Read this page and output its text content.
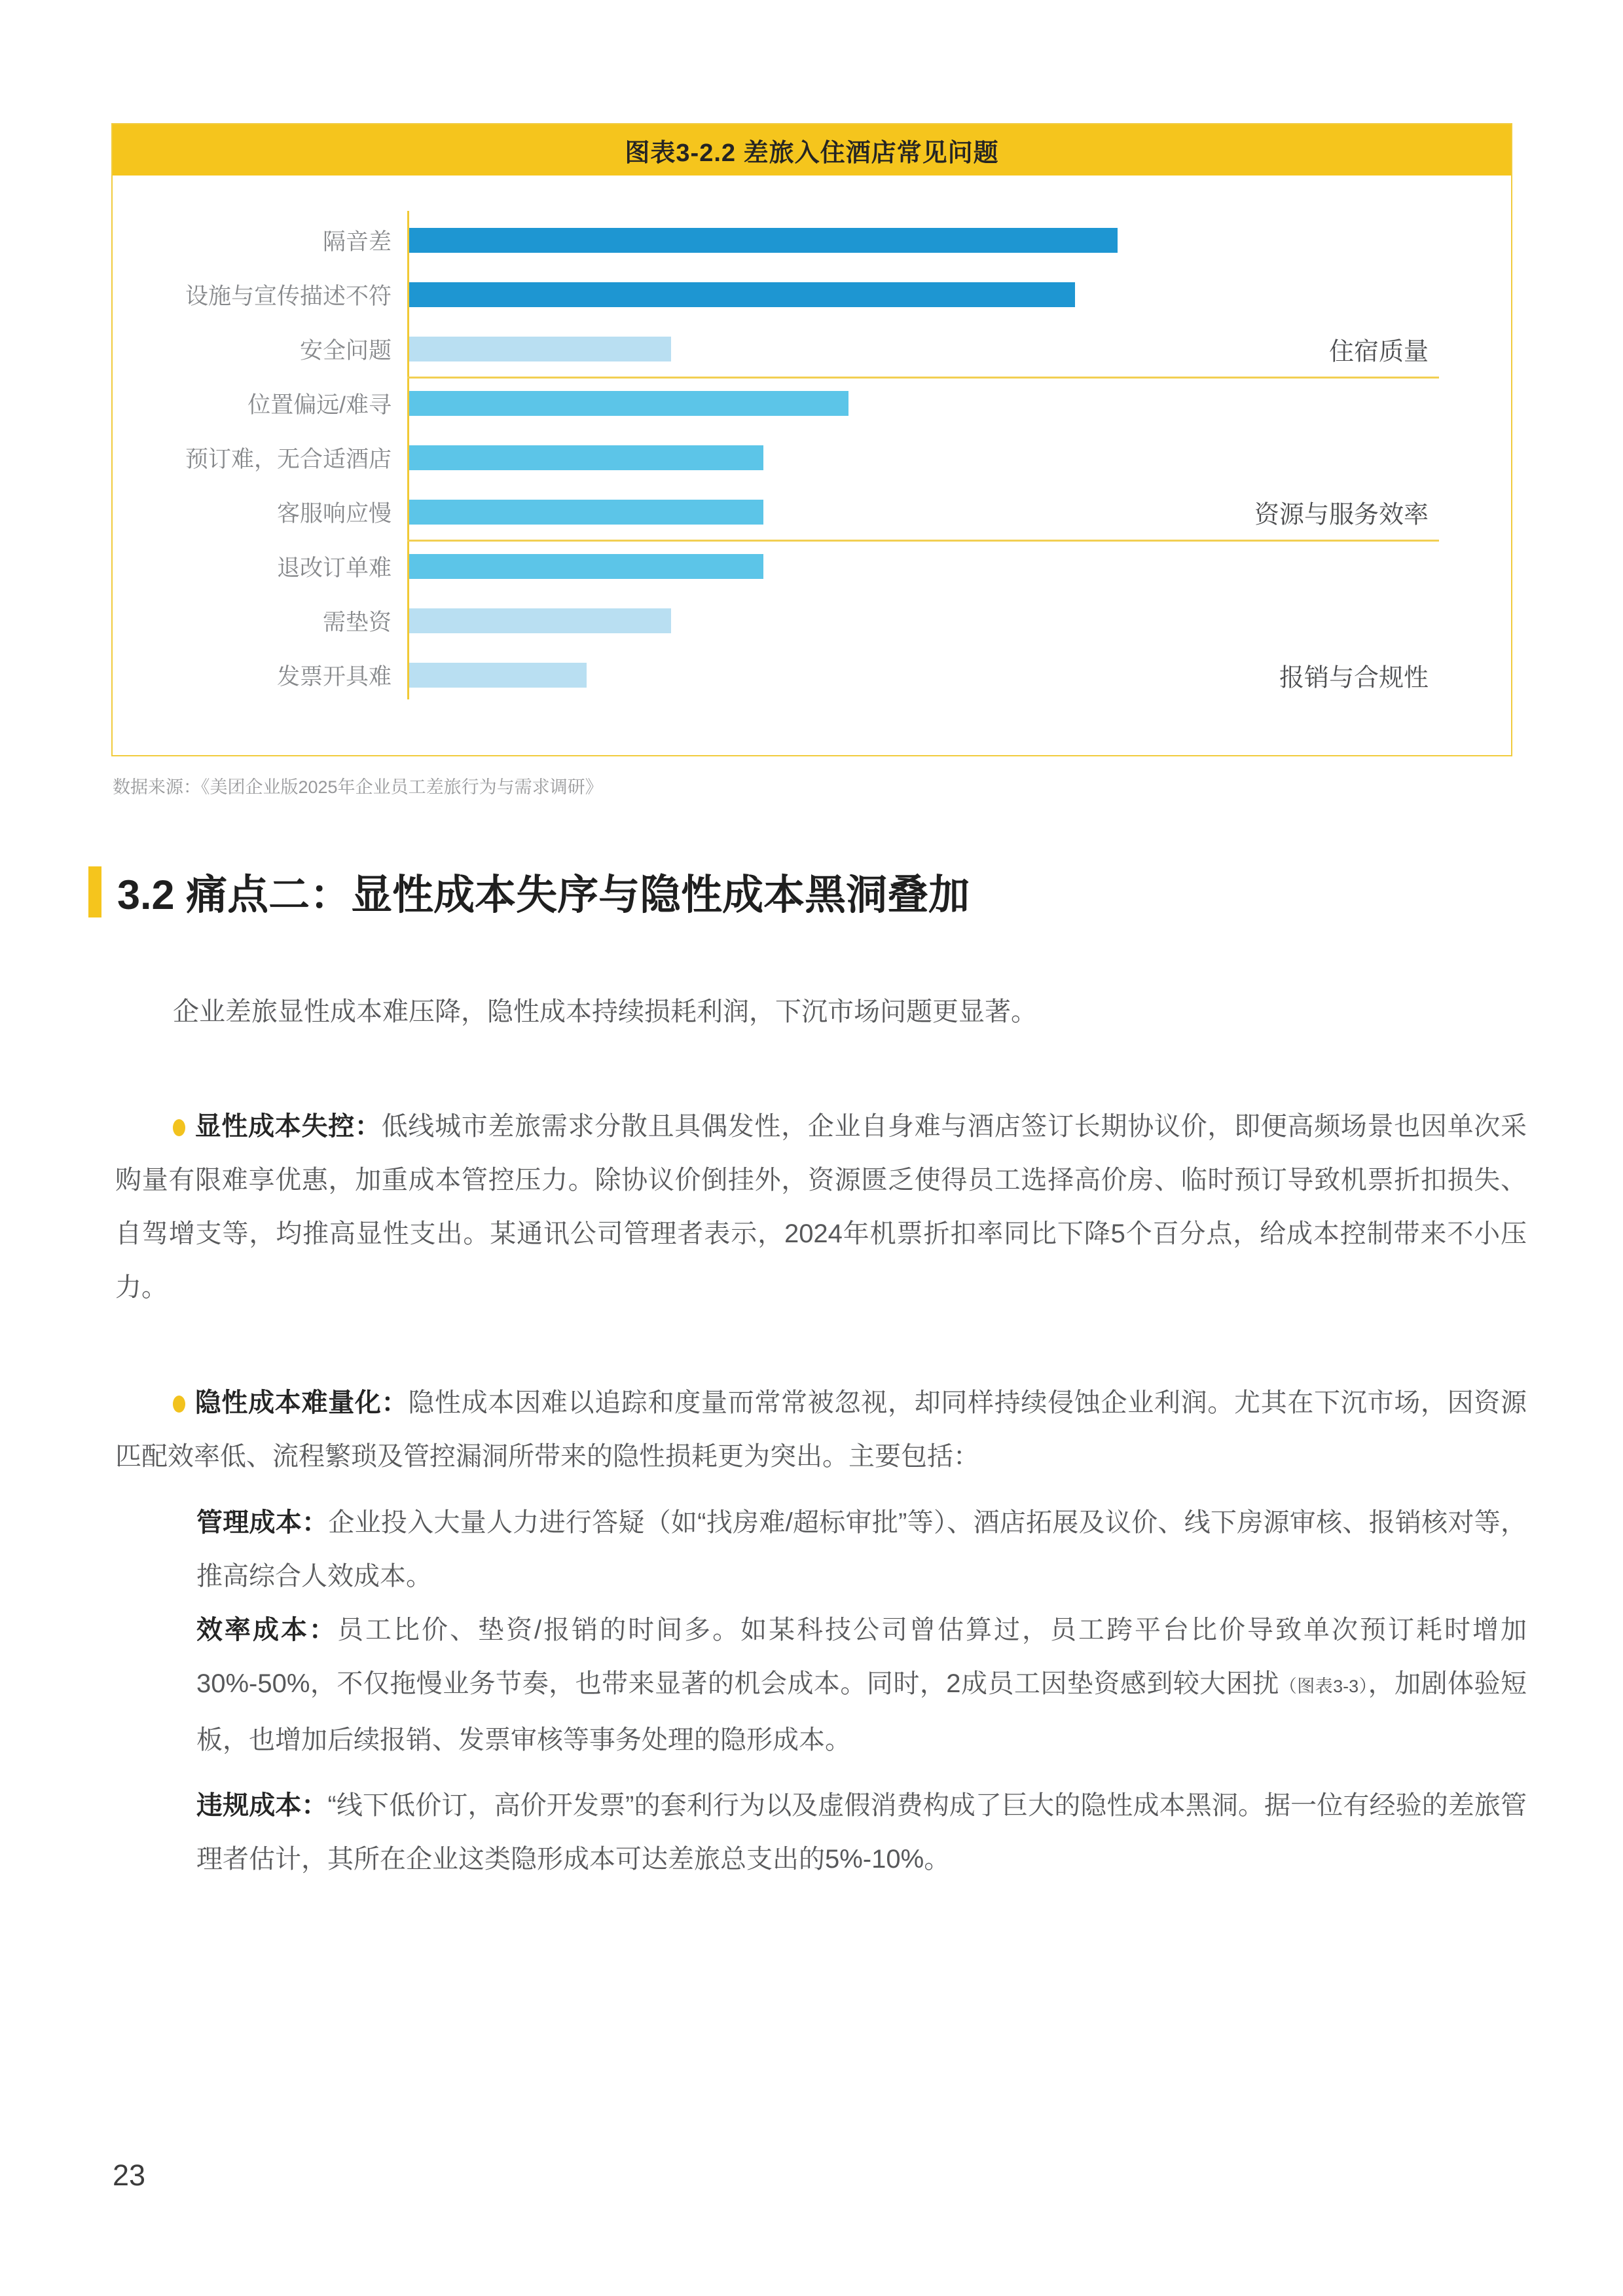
图表3-2.2 差旅入住酒店常见问题
隔音差
设施与宣传描述不符
安全问题
位置偏远/难寻
预订难，无合适酒店
客服响应慢
退改订单难
需垫资
发票开具难
住宿质量
资源与服务效率
报销与合规性

数据来源：《美团企业版2025年企业员工差旅行为与需求调研》

3.2 痛点二：显性成本失序与隐性成本黑洞叠加

企业差旅显性成本难压降，隐性成本持续损耗利润，下沉市场问题更显著。

显性成本失控：低线城市差旅需求分散且具偶发性，企业自身难与酒店签订长期协议价，即便高频场景也因单次采购量有限难享优惠，加重成本管控压力。除协议价倒挂外，资源匮乏使得员工选择高价房、临时预订导致机票折扣损失、自驾增支等，均推高显性支出。某通讯公司管理者表示，2024年机票折扣率同比下降5个百分点，给成本控制带来不小压力。

隐性成本难量化：隐性成本因难以追踪和度量而常常被忽视，却同样持续侵蚀企业利润。尤其在下沉市场，因资源匹配效率低、流程繁琐及管控漏洞所带来的隐性损耗更为突出。主要包括：

管理成本：企业投入大量人力进行答疑（如“找房难/超标审批”等）、酒店拓展及议价、线下房源审核、报销核对等，推高综合人效成本。

效率成本：员工比价、垫资/报销的时间多。如某科技公司曾估算过，员工跨平台比价导致单次预订耗时增加30%-50%，不仅拖慢业务节奏，也带来显著的机会成本。同时，2成员工因垫资感到较大困扰（图表3-3），加剧体验短板，也增加后续报销、发票审核等事务处理的隐形成本。

违规成本：“线下低价订，高价开发票”的套利行为以及虚假消费构成了巨大的隐性成本黑洞。据一位有经验的差旅管理者估计，其所在企业这类隐形成本可达差旅总支出的5%-10%。

23
